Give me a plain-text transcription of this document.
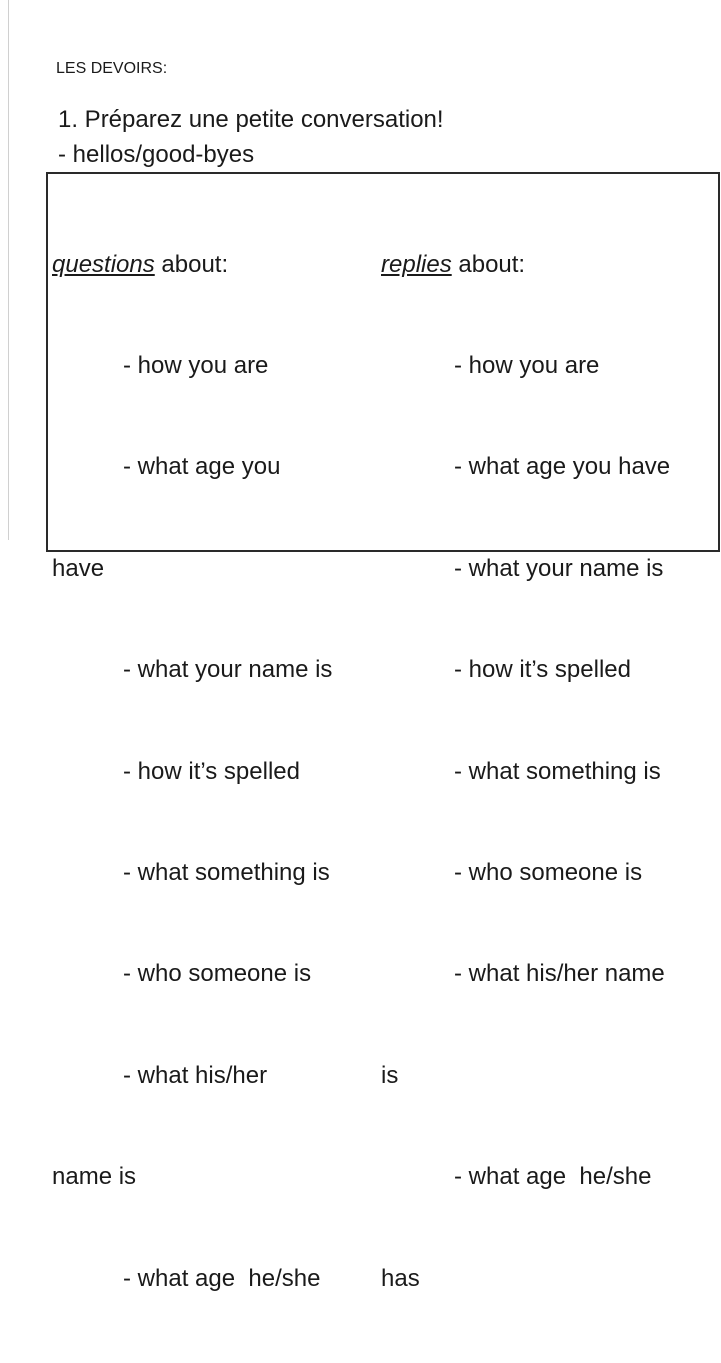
LES DEVOIRS:
1. Préparez une petite conversation!
- hellos/good-byes

questions about:

- how you are

- what age you

have

- what your name is

- how it’s spelled

- what something is

- who someone is

- what his/her

name is

- what age  he/she

replies about:

- how you are

- what age you have

- what your name is

- how it’s spelled

- what something is

- who someone is

- what his/her name

is

- what age  he/she

has
